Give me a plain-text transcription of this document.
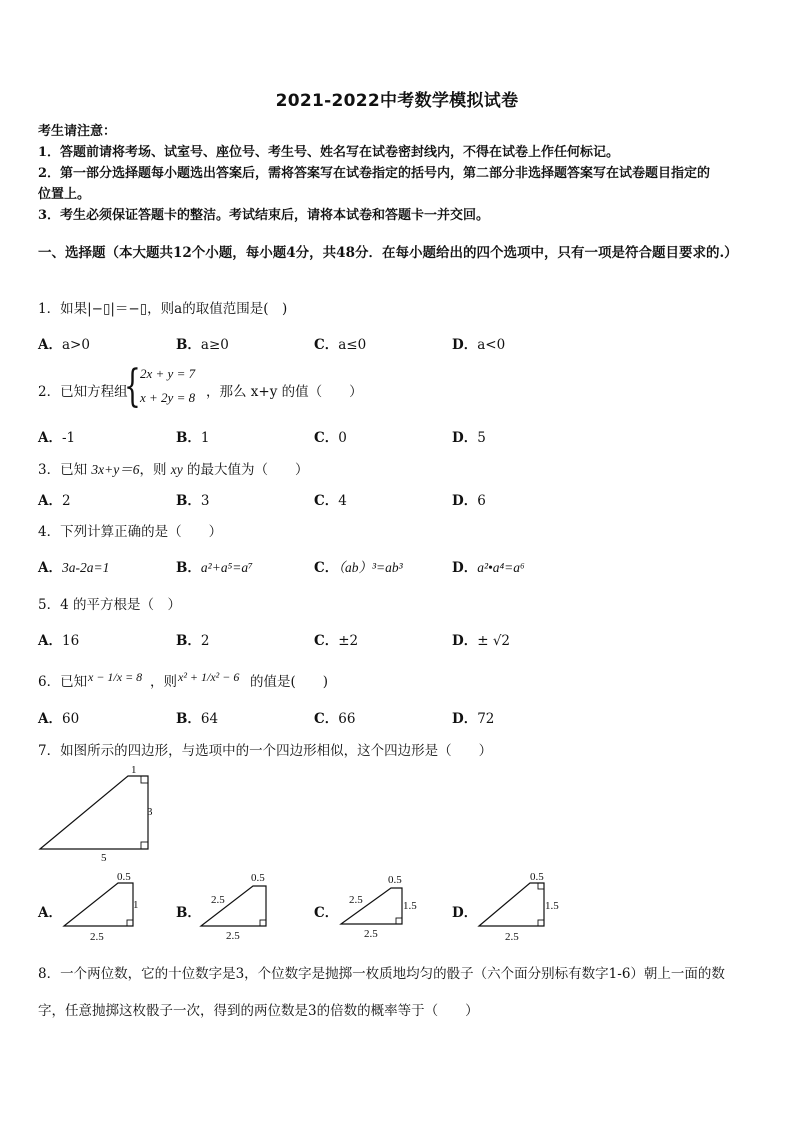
2021-2022中考数学模拟试卷
考生请注意：
1．答题前请将考场、试室号、座位号、考生号、姓名写在试卷密封线内，不得在试卷上作任何标记。
2．第一部分选择题每小题选出答案后，需将答案写在试卷指定的括号内，第二部分非选择题答案写在试卷题目指定的
位置上。
3．考生必须保证答题卡的整洁。考试结束后，请将本试卷和答题卡一并交回。
一、选择题（本大题共12个小题，每小题4分，共48分．在每小题给出的四个选项中，只有一项是符合题目要求的.）
1．如果|−▯|＝−▯，则a的取值范围是(　)
A．a>0	B．a≥0	C．a≤0	D．a<0
2．已知方程组
{ 2x + y = 7
x + 2y = 8 ，那么 x+y 的值（　　）
A．-1	B．1	C．0	D．5
3．已知 3x+y＝6，则 xy 的最大值为（　　）
A．2	B．3	C．4	D．6
4．下列计算正确的是（　　）
A．3a-2a=1	B．a²+a⁵=a⁷	C．（ab）³=ab³	D．a²•a⁴=a⁶
5．4 的平方根是（　）
A．16	B．2	C．±2	D．± √2
6．已知 x − 1/x = 8 ，则 x² + 1/x² − 6 的值是(　　)
A．60	B．64	C．66	D．72
7．如图所示的四边形，与选项中的一个四边形相似，这个四边形是（　　）
1
3
5
0.5
1
2.5
0.5
2.5
2.5
0.5
2.5	1.5
2.5
0.5
1.5
2.5
A．	B．	C．	D．
8．一个两位数，它的十位数字是3，个位数字是抛掷一枚质地均匀的骰子（六个面分别标有数字1-6）朝上一面的数
字，任意抛掷这枚骰子一次，得到的两位数是3的倍数的概率等于（　　）
